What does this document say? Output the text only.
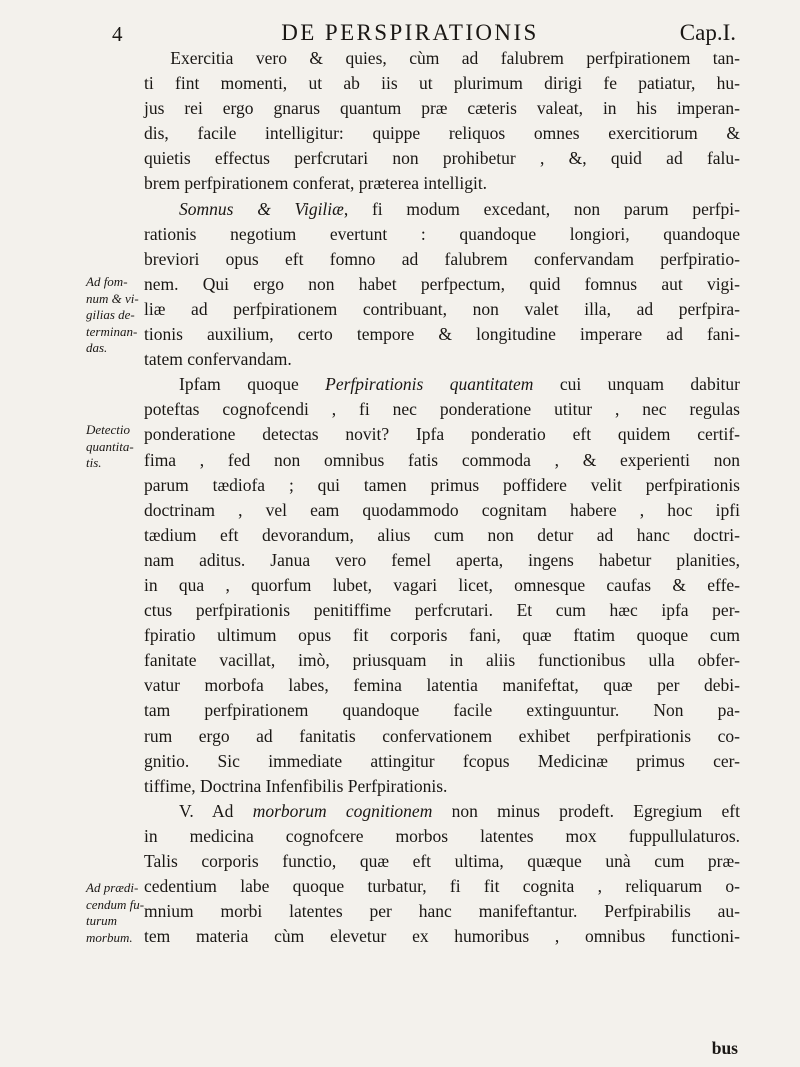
4	DE PERSPIRATIONIS	Cap.I.
Ad fom-
num & vi-
gilias de-
terminan-
das.
Detectio
quantita-
tis.
Ad prædi-
cendum fu-
turum
morbum.
Exercitia vero & quies, cùm ad falubrem perfpirationem tan-
ti fint momenti, ut ab iis ut plurimum dirigi fe patiatur, hu-
jus rei ergo gnarus quantum præ cæteris valeat, in his imperan-
dis, facile intelligitur: quippe reliquos omnes exercitiorum &
quietis effectus perfcrutari non prohibetur , &, quid ad falu-
brem perfpirationem conferat, præterea intelligit.
Somnus & Vigiliæ, fi modum excedant, non parum perfpi-
rationis negotium evertunt : quandoque longiori, quandoque
breviori opus eft fomno ad falubrem confervandam perfpiratio-
nem. Qui ergo non habet perfpectum, quid fomnus aut vigi-
liæ ad perfpirationem contribuant, non valet illa, ad perfpira-
tionis auxilium, certo tempore & longitudine imperare ad fani-
tatem confervandam.
Ipfam quoque Perfpirationis quantitatem cui unquam dabitur
poteftas cognofcendi , fi nec ponderatione utitur , nec regulas
ponderatione detectas novit? Ipfa ponderatio eft quidem certif-
fima , fed non omnibus fatis commoda , & experienti non
parum tædiofa ; qui tamen primus poffidere velit perfpirationis
doctrinam , vel eam quodammodo cognitam habere , hoc ipfi
tædium eft devorandum, alius cum non detur ad hanc doctri-
nam aditus. Janua vero femel aperta, ingens habetur planities,
in qua , quorfum lubet, vagari licet, omnesque caufas & effe-
ctus perfpirationis penitiffime perfcrutari. Et cum hæc ipfa per-
fpiratio ultimum opus fit corporis fani, quæ ftatim quoque cum
fanitate vacillat, imò, priusquam in aliis functionibus ulla obfer-
vatur morbofa labes, femina latentia manifeftat, quæ per debi-
tam perfpirationem quandoque facile extinguuntur. Non pa-
rum ergo ad fanitatis confervationem exhibet perfpirationis co-
gnitio. Sic immediate attingitur fcopus Medicinæ primus cer-
tiffime, Doctrina Infenfibilis Perfpirationis.
V. Ad morborum cognitionem non minus prodeft. Egregium eft
in medicina cognofcere morbos latentes mox fuppullulaturos.
Talis corporis functio, quæ eft ultima, quæque unà cum præ-
cedentium labe quoque turbatur, fi fit cognita , reliquarum o-
mnium morbi latentes per hanc manifeftantur. Perfpirabilis au-
tem materia cùm elevetur ex humoribus , omnibus functioni-
bus
